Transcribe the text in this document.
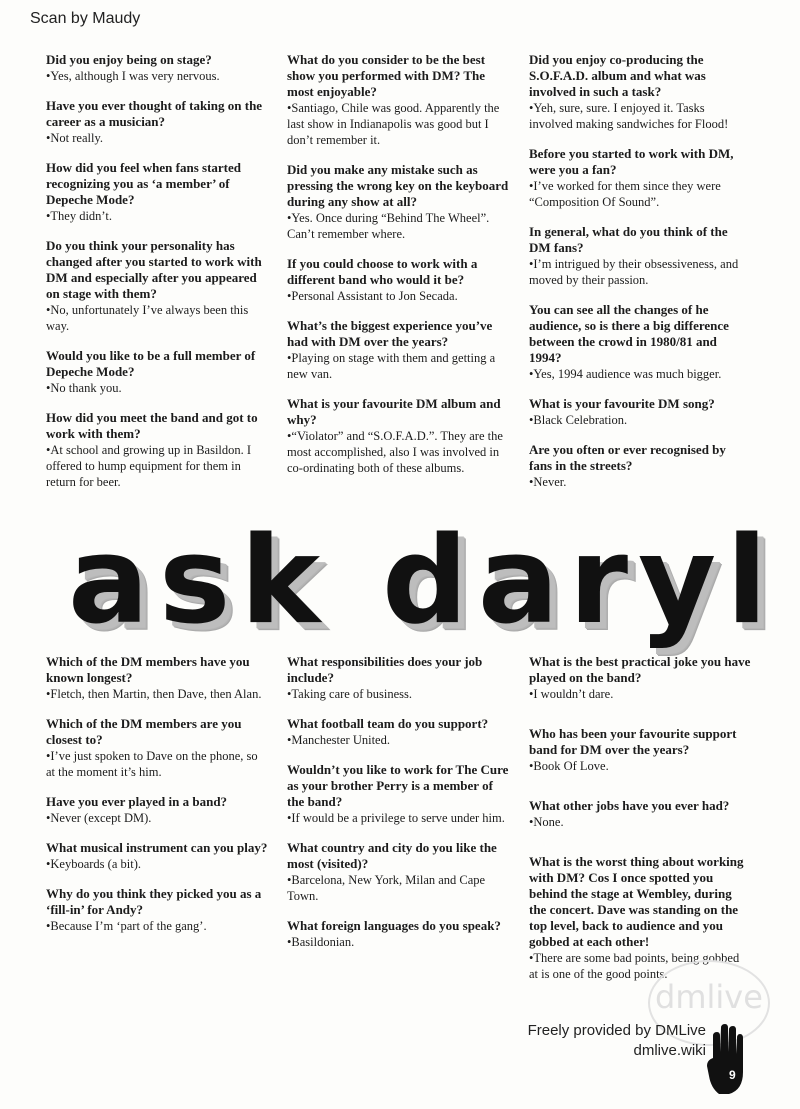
Scan by Maudy
Did you enjoy being on stage?
• Yes, although I was very nervous.
Have you ever thought of taking on the career as a musician?
• Not really.
How did you feel when fans started recognizing you as ‘a member’ of Depeche Mode?
• They didn’t.
Do you think your personality has changed after you started to work with DM and especially after you appeared on stage with them?
• No, unfortunately I’ve always been this way.
Would you like to be a full member of Depeche Mode?
• No thank you.
How did you meet the band and got to work with them?
• At school and growing up in Basildon. I offered to hump equipment for them in return for beer.
What do you consider to be the best show you performed with DM? The most enjoyable?
• Santiago, Chile was good. Apparently the last show in Indianapolis was good but I don’t remember it.
Did you make any mistake such as pressing the wrong key on the keyboard during any show at all?
• Yes. Once during “Behind The Wheel”. Can’t remember where.
If you could choose to work with a different band who would it be?
• Personal Assistant to Jon Secada.
What’s the biggest experience you’ve had with DM over the years?
• Playing on stage with them and getting a new van.
What is your favourite DM album and why?
• “Violator” and “S.O.F.A.D.”. They are the most accomplished, also I was involved in co-ordinating both of these albums.
Did you enjoy co-producing the S.O.F.A.D. album and what was involved in such a task?
• Yeh, sure, sure. I enjoyed it. Tasks involved making sandwiches for Flood!
Before you started to work with DM, were you a fan?
• I’ve worked for them since they were “Composition Of Sound”.
In general, what do you think of the DM fans?
• I’m intrigued by their obsessiveness, and moved by their passion.
You can see all the changes of he audience, so is there a big difference between the crowd in 1980/81 and 1994?
• Yes, 1994 audience was much bigger.
What is your favourite DM song?
• Black Celebration.
Are you often or ever recognised by fans in the streets?
• Never.
ask daryl
Which of the DM members have you known longest?
• Fletch, then Martin, then Dave, then Alan.
Which of the DM members are you closest to?
• I’ve just spoken to Dave on the phone, so at the moment it’s him.
Have you ever played in a band?
• Never (except DM).
What musical instrument can you play?
• Keyboards (a bit).
Why do you think they picked you as a ‘fill-in’ for Andy?
• Because I’m ‘part of the gang’.
What responsibilities does your job include?
• Taking care of business.
What football team do you support?
• Manchester United.
Wouldn’t you like to work for The Cure as your brother Perry is a member of the band?
• If would be a privilege to serve under him.
What country and city do you like the most (visited)?
• Barcelona, New York, Milan and Cape Town.
What foreign languages do you speak?
• Basildonian.
What is the best practical joke you have played on the band?
• I wouldn’t dare.
Who has been your favourite support band for DM over the years?
• Book Of Love.
What other jobs have you ever had?
• None.
What is the worst thing about working with DM? Cos I once spotted you behind the stage at Wembley, during the concert. Dave was standing on the top level, back to audience and you gobbed at each other!
• There are some bad points, being gobbed at is one of the good points.
dmlive
Freely provided by DMLive
dmlive.wiki
9
